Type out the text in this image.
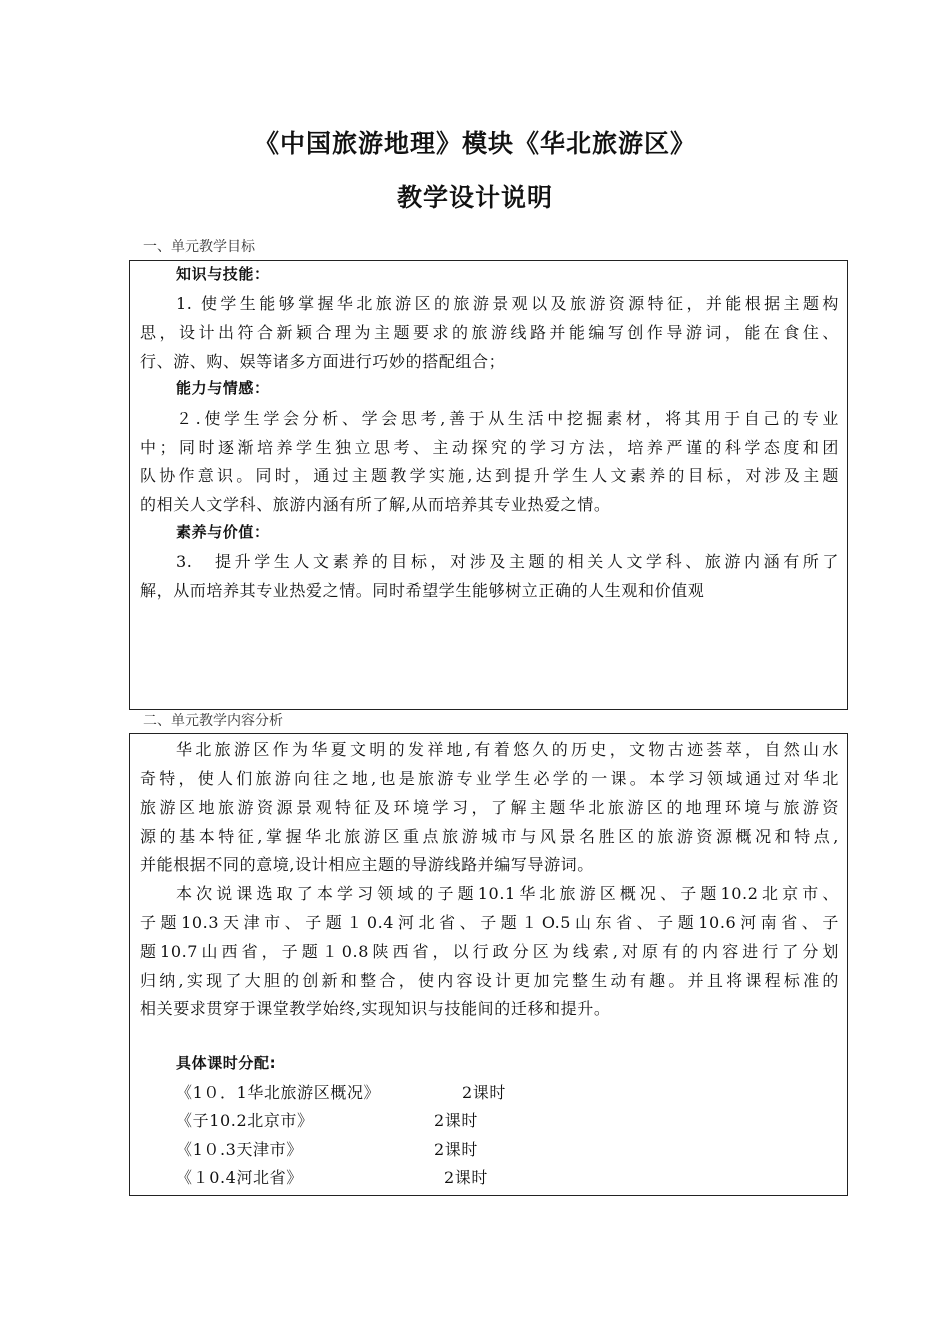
《中国旅游地理》模块《华北旅游区》
教学设计说明
一、单元教学目标
知识与技能：
1. 使学生能够掌握华北旅游区的旅游景观以及旅游资源特征，并能根据主题构
思，设计出符合新颖合理为主题要求的旅游线路并能编写创作导游词，能在食住、
行、游、购、娱等诸多方面进行巧妙的搭配组合；
能力与情感：
２.使学生学会分析、学会思考,善于从生活中挖掘素材，将其用于自己的专业
中；同时逐渐培养学生独立思考、主动探究的学习方法，培养严谨的科学态度和团
队协作意识。同时，通过主题教学实施,达到提升学生人文素养的目标，对涉及主题
的相关人文学科、旅游内涵有所了解,从而培养其专业热爱之情。
素养与价值：
3.　提升学生人文素养的目标，对涉及主题的相关人文学科、旅游内涵有所了
解，从而培养其专业热爱之情。同时希望学生能够树立正确的人生观和价值观
二、单元教学内容分析
华北旅游区作为华夏文明的发祥地,有着悠久的历史，文物古迹荟萃，自然山水
奇特，使人们旅游向往之地,也是旅游专业学生必学的一课。本学习领域通过对华北
旅游区地旅游资源景观特征及环境学习，了解主题华北旅游区的地理环境与旅游资
源的基本特征,掌握华北旅游区重点旅游城市与风景名胜区的旅游资源概况和特点,
并能根据不同的意境,设计相应主题的导游线路并编写导游词。
本次说课选取了本学习领域的子题10.1华北旅游区概况、子题10.2北京市、
子题10.3天津市、子题１0.4河北省、子题１O.5山东省、子题10.6河南省、子
题10.7山西省，子题１0.8陕西省，以行政分区为线索,对原有的内容进行了分划
归纳,实现了大胆的创新和整合，使内容设计更加完整生动有趣。并且将课程标准的
相关要求贯穿于课堂教学始终,实现知识与技能间的迁移和提升。
具体课时分配:
《1０．1华北旅游区概况》	2课时
《子10.2北京市》	2课时
《1０.3天津市》	2课时
《１0.4河北省》	2课时
